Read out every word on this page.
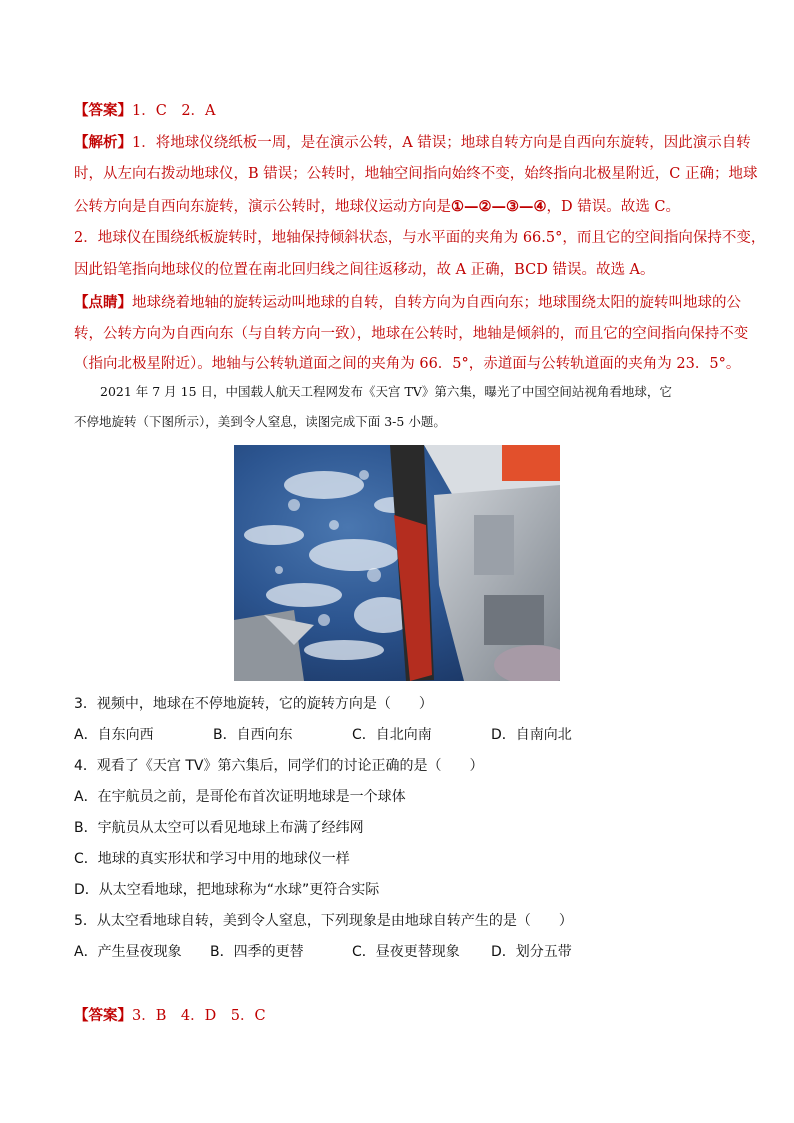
【答案】1．C　2．A
【解析】1．将地球仪绕纸板一周，是在演示公转，A 错误；地球自转方向是自西向东旋转，因此演示自转
时，从左向右拨动地球仪，B 错误；公转时，地轴空间指向始终不变，始终指向北极星附近，C 正确；地球
公转方向是自西向东旋转，演示公转时，地球仪运动方向是①—②—③—④，D 错误。故选 C。
2．地球仪在围绕纸板旋转时，地轴保持倾斜状态，与水平面的夹角为 66.5°，而且它的空间指向保持不变，
因此铅笔指向地球仪的位置在南北回归线之间往返移动，故 A 正确，BCD 错误。故选 A。
【点睛】地球绕着地轴的旋转运动叫地球的自转，自转方向为自西向东；地球围绕太阳的旋转叫地球的公
转，公转方向为自西向东（与自转方向一致），地球在公转时，地轴是倾斜的，而且它的空间指向保持不变
（指向北极星附近）。地轴与公转轨道面之间的夹角为 66．5°，赤道面与公转轨道面的夹角为 23．5°。
2021 年 7 月 15 日，中国载人航天工程网发布《天宫 TV》第六集，曝光了中国空间站视角看地球，它
不停地旋转（下图所示），美到令人窒息，读图完成下面 3-5 小题。
3．视频中，地球在不停地旋转，它的旋转方向是（　　）
A．自东向西	B．自西向东	C．自北向南	D．自南向北
4．观看了《天宫 TV》第六集后，同学们的讨论正确的是（　　）
A．在宇航员之前，是哥伦布首次证明地球是一个球体
B．宇航员从太空可以看见地球上布满了经纬网
C．地球的真实形状和学习中用的地球仪一样
D．从太空看地球，把地球称为“水球”更符合实际
5．从太空看地球自转，美到令人窒息，下列现象是由地球自转产生的是（　　）
A．产生昼夜现象 B．四季的更替	C．昼夜更替现象 D．划分五带
【答案】3．B　4．D　5．C
